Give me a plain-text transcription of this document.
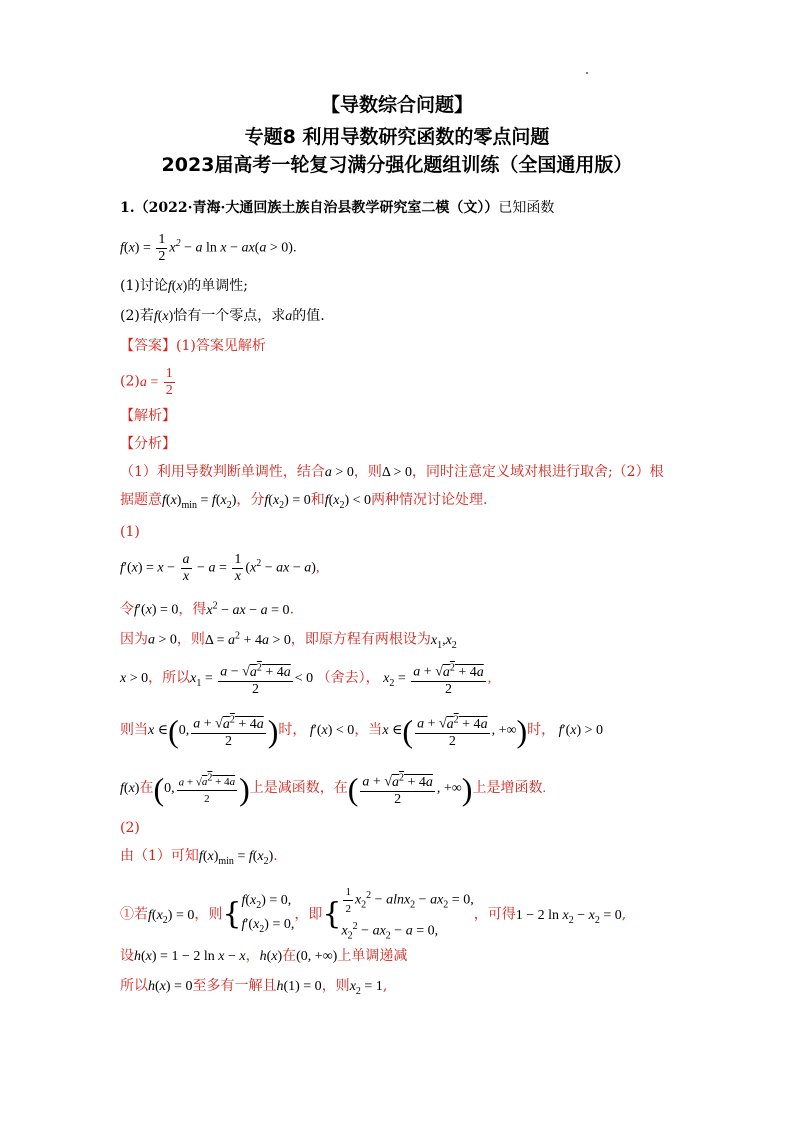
【导数综合问题】
专题8 利用导数研究函数的零点问题
2023届高考一轮复习满分强化题组训练（全国通用版）
1.（2022·青海·大通回族土族自治县教学研究室二模（文））已知函数
$f(x) = \frac{1}{2} x^2 - a$ ln x − ax(a > 0).
(1)讨论f(x)的单调性;
(2)若f(x)恰有一个零点，求a的值.
【答案】(1)答案见解析
$(2)a = \frac{1}{2}$
【解析】
【分析】
（1）利用导数判断单调性，结合a > 0，则Δ > 0，同时注意定义域对根进行取舍;（2）根
据题意$f(x)_{min} = f(x_2)$，分$f(x_2) = 0$和$f(x_2) < 0$两种情况讨论处理.
(1)
$f'(x) = x - \frac{a}{x} - a = \frac{1}{x} (x^2$ − ax − a),
令f′(x) = 0，得$x^2$ − ax − a = 0.
因为a > 0，则$\Delta = a^2 + 4a > 0$，即原方程有两根设为$x_1,x_2$
x > 0，所以$x_1 = \frac{a - √a^2 + 4a}{2} < 0$ （舍去）， $x_2 = \frac{a + √a^2 + 4a}{2}$ ,
则当x ∈(0, $\frac{a + √a^2 + 4a}{2}$ )时， f′(x) < 0，当x ∈( $\frac{a + √a^2 + 4a}{2}$ , +∞)时， f′(x) > 0
f(x)在(0, $\frac{a + √a^2 + 4a}{2}$ )上是减函数，在( $\frac{a + √a^2 + 4a}{2}$ , +∞)上是增函数.
(2)
由（1）可知$f(x)_{min} = f(x_2)$.
①若$f(x_2) = 0$，则{ $f(x_2) = 0$,
$f'(x_2) = 0$,
，即{ $\frac{1}{2} x_2^2 - alnx_2 - ax_2 = 0$,
$x_2^2 - ax_2 - a = 0$,
，可得1 − 2 $\ln x_2 - x_2 = 0$,
设h(x) = 1 − 2 ln x − x，h(x)在(0, +∞)上单调递减
所以h(x) = 0至多有一解且h(1) = 0，则$x_2 = 1$,
